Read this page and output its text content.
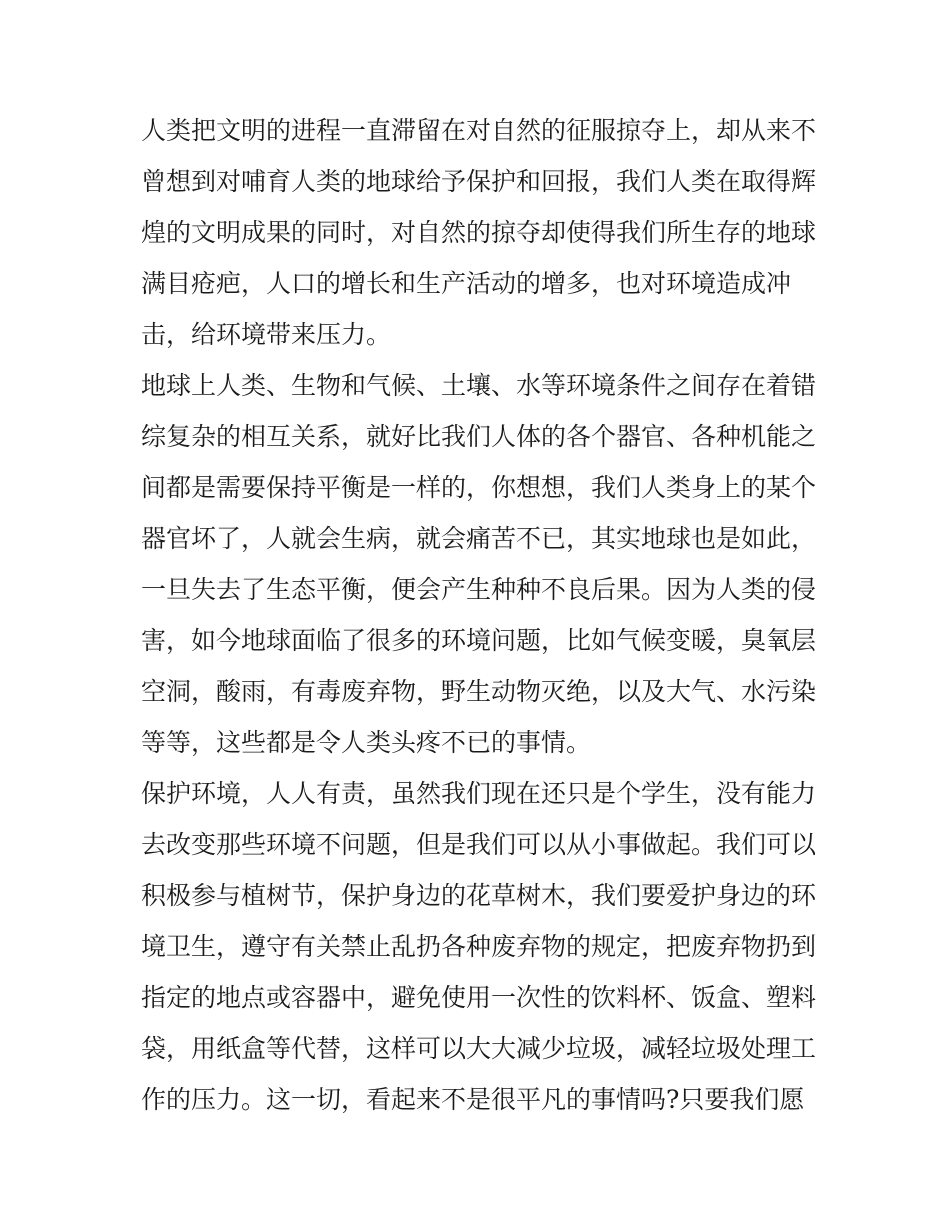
人类把文明的进程一直滞留在对自然的征服掠夺上，却从来不
曾想到对哺育人类的地球给予保护和回报，我们人类在取得辉
煌的文明成果的同时，对自然的掠夺却使得我们所生存的地球
满目疮疤，人口的增长和生产活动的增多，也对环境造成冲
击，给环境带来压力。
地球上人类、生物和气候、土壤、水等环境条件之间存在着错
综复杂的相互关系，就好比我们人体的各个器官、各种机能之
间都是需要保持平衡是一样的，你想想，我们人类身上的某个
器官坏了，人就会生病，就会痛苦不已，其实地球也是如此，
一旦失去了生态平衡，便会产生种种不良后果。因为人类的侵
害，如今地球面临了很多的环境问题，比如气候变暖，臭氧层
空洞，酸雨，有毒废弃物，野生动物灭绝，以及大气、水污染
等等，这些都是令人类头疼不已的事情。
保护环境，人人有责，虽然我们现在还只是个学生，没有能力
去改变那些环境不问题，但是我们可以从小事做起。我们可以
积极参与植树节，保护身边的花草树木，我们要爱护身边的环
境卫生，遵守有关禁止乱扔各种废弃物的规定，把废弃物扔到
指定的地点或容器中，避免使用一次性的饮料杯、饭盒、塑料
袋，用纸盒等代替，这样可以大大减少垃圾，减轻垃圾处理工
作的压力。这一切，看起来不是很平凡的事情吗?只要我们愿
